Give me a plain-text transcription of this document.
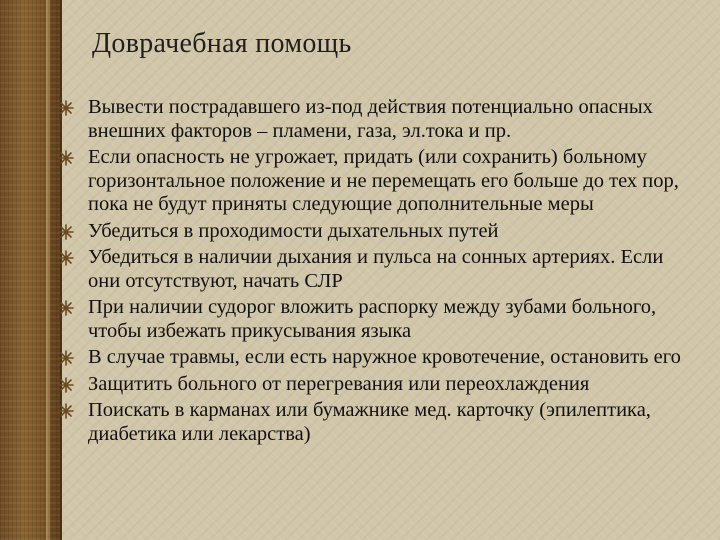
Доврачебная помощь
Вывести пострадавшего из-под действия потенциально опасных внешних факторов – пламени, газа, эл.тока и пр.
Если опасность не угрожает, придать (или сохранить) больному горизонтальное положение и не перемещать его больше до тех пор, пока не будут приняты следующие дополнительные меры
Убедиться в проходимости дыхательных путей
Убедиться в наличии дыхания и пульса на сонных артериях. Если они отсутствуют, начать СЛР
При наличии судорог вложить распорку между зубами больного, чтобы избежать прикусывания языка
В случае травмы, если есть наружное кровотечение, остановить его
Защитить больного от перегревания или переохлаждения
Поискать в карманах или бумажнике мед. карточку (эпилептика, диабетика или лекарства)
